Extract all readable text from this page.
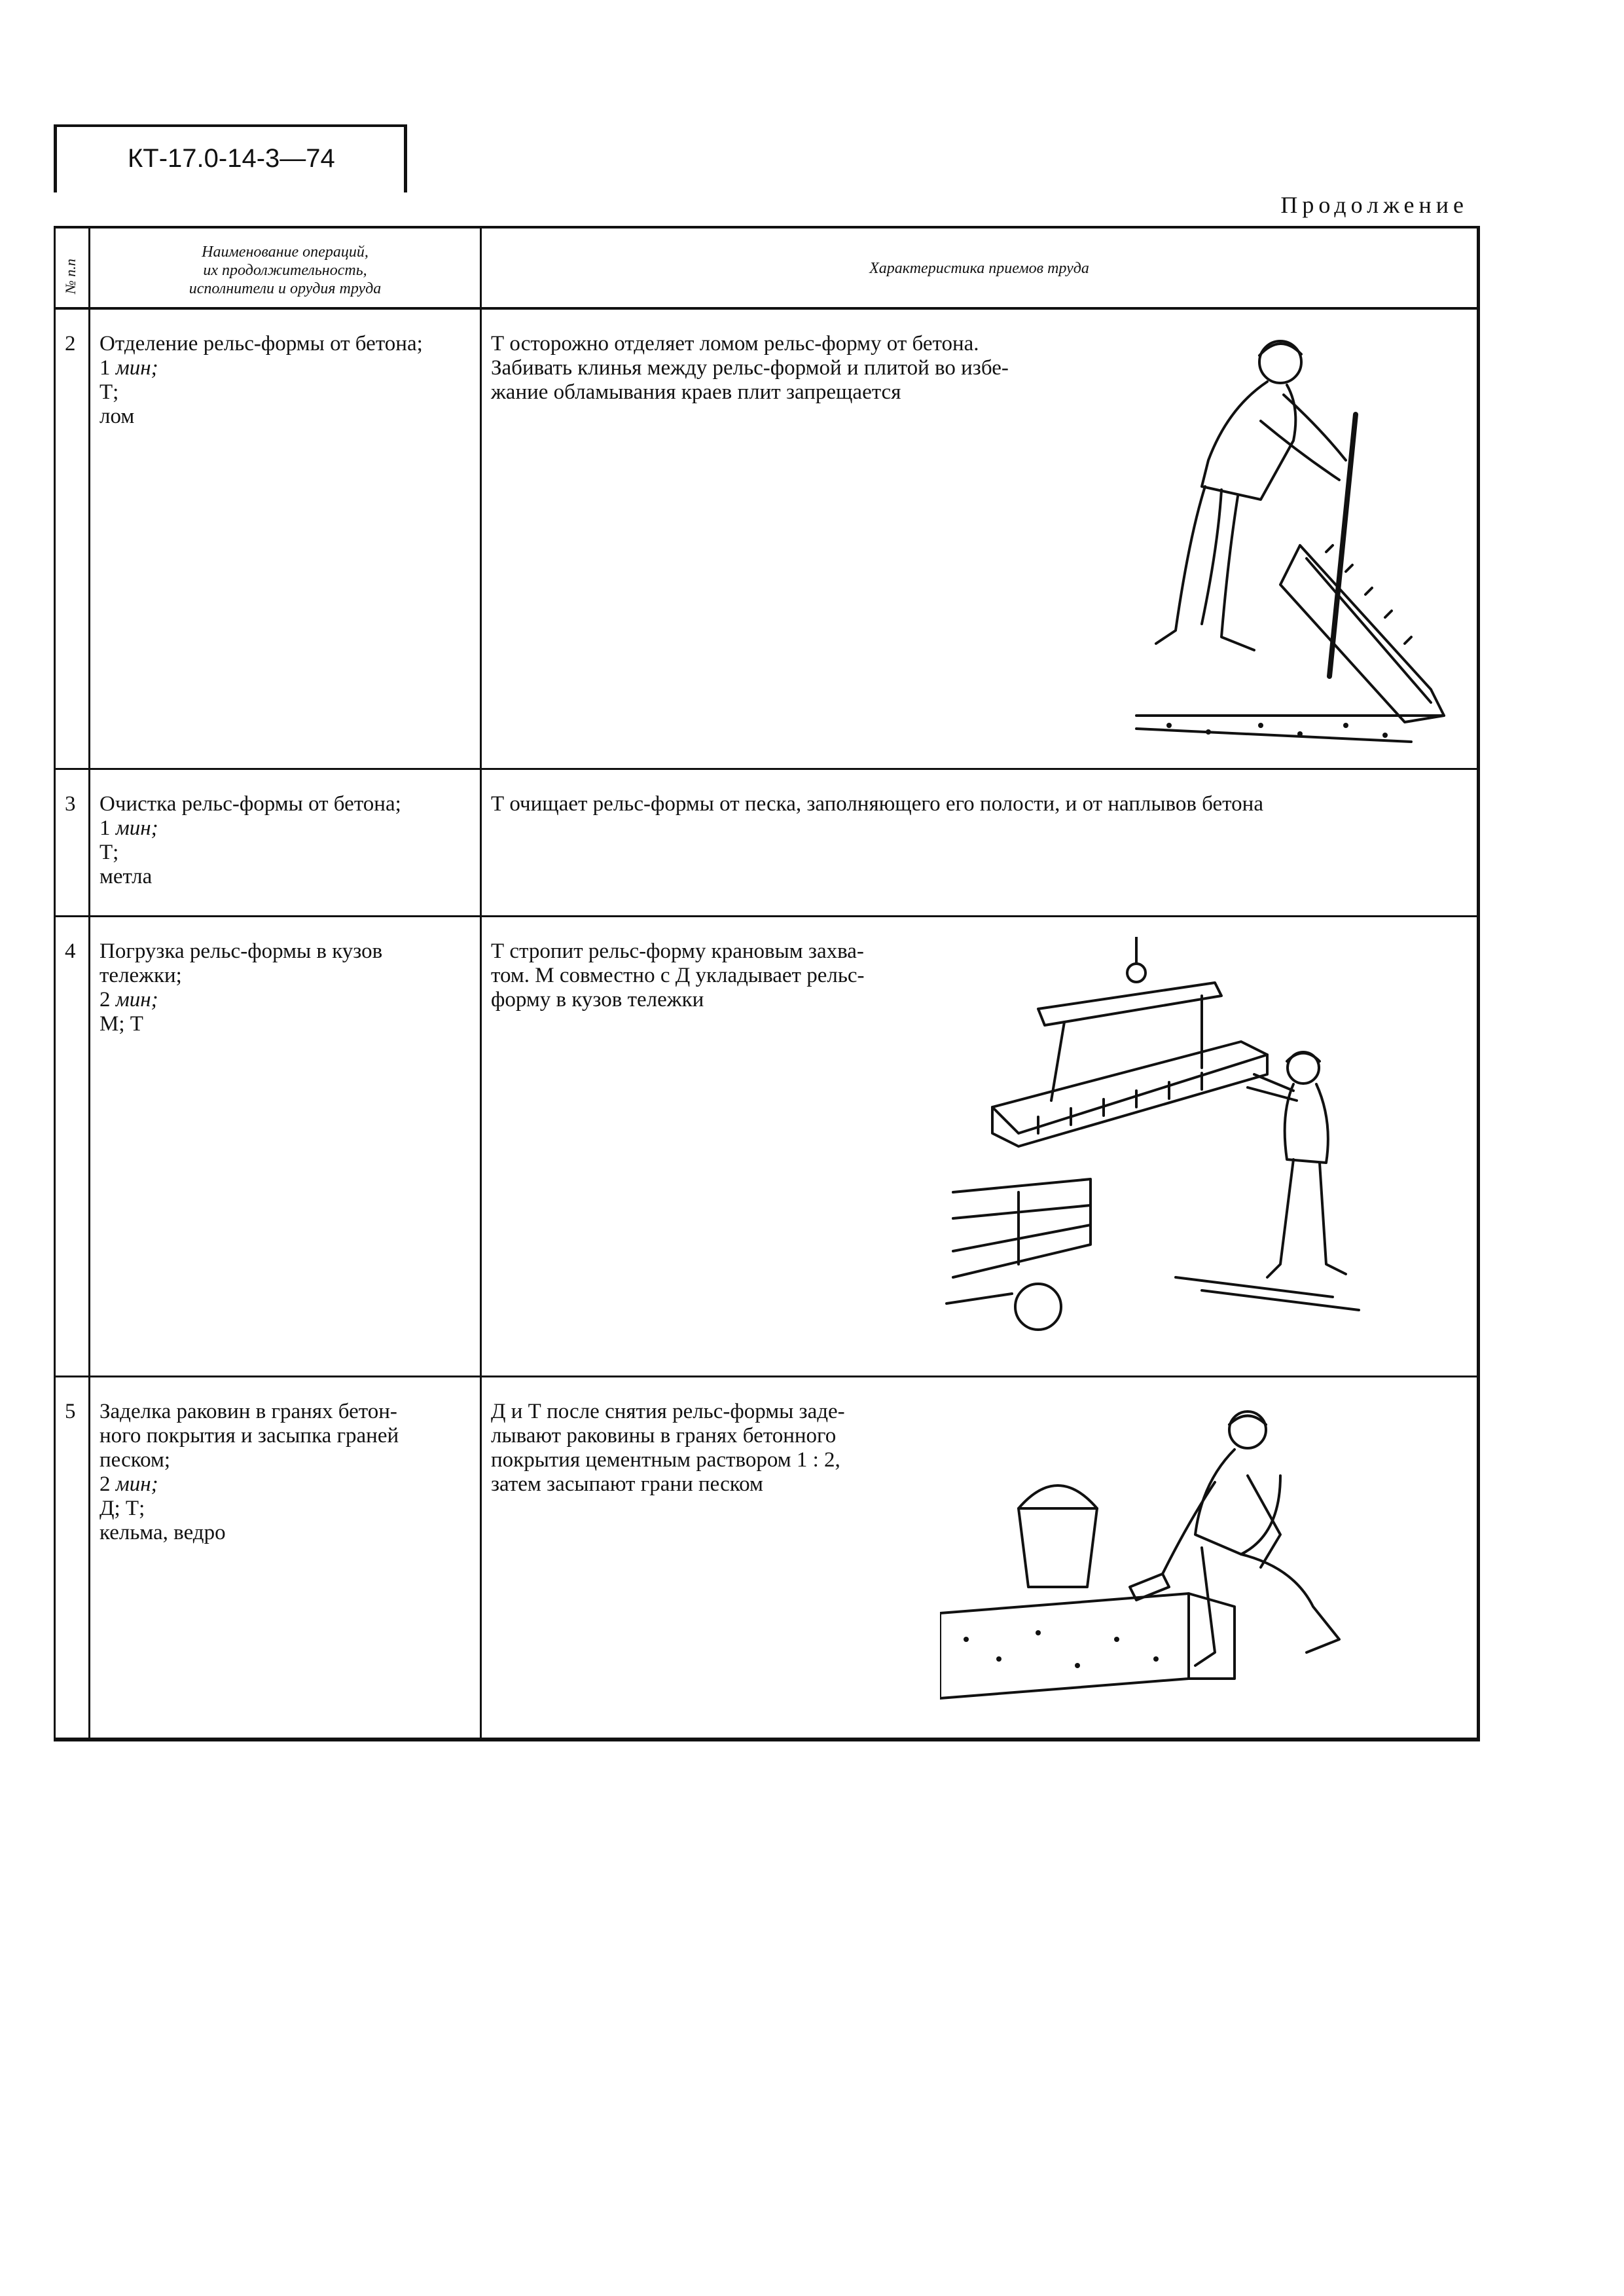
КТ-17.0-14-3—74
Продолжение
№ п.п
Наименование операций,
их продолжительность,
исполнители и орудия труда
Характеристика приемов труда
2 Отделение рельс-формы от бетона;
1 мин;
Т;
лом
Т осторожно отделяет ломом рельс-форму от бетона.
Забивать клинья между рельс-формой и плитой во избе-
жание обламывания краев плит запрещается
3 Очистка рельс-формы от бетона;
1 мин;
Т;
метла
Т очищает рельс-формы от песка, заполняющего его полости, и от наплывов бетона
4 Погрузка рельс-формы в кузов
тележки;
2 мин;
М; Т
Т стропит рельс-форму крановым захва-
том. М совместно с Д укладывает рельс-
форму в кузов тележки
5 Заделка раковин в гранях бетон-
ного покрытия и засыпка граней
песком;
2 мин;
Д; Т;
кельма, ведро
Д и Т после снятия рельс-формы заде-
лывают раковины в гранях бетонного
покрытия цементным раствором 1 : 2,
затем засыпают грани песком
